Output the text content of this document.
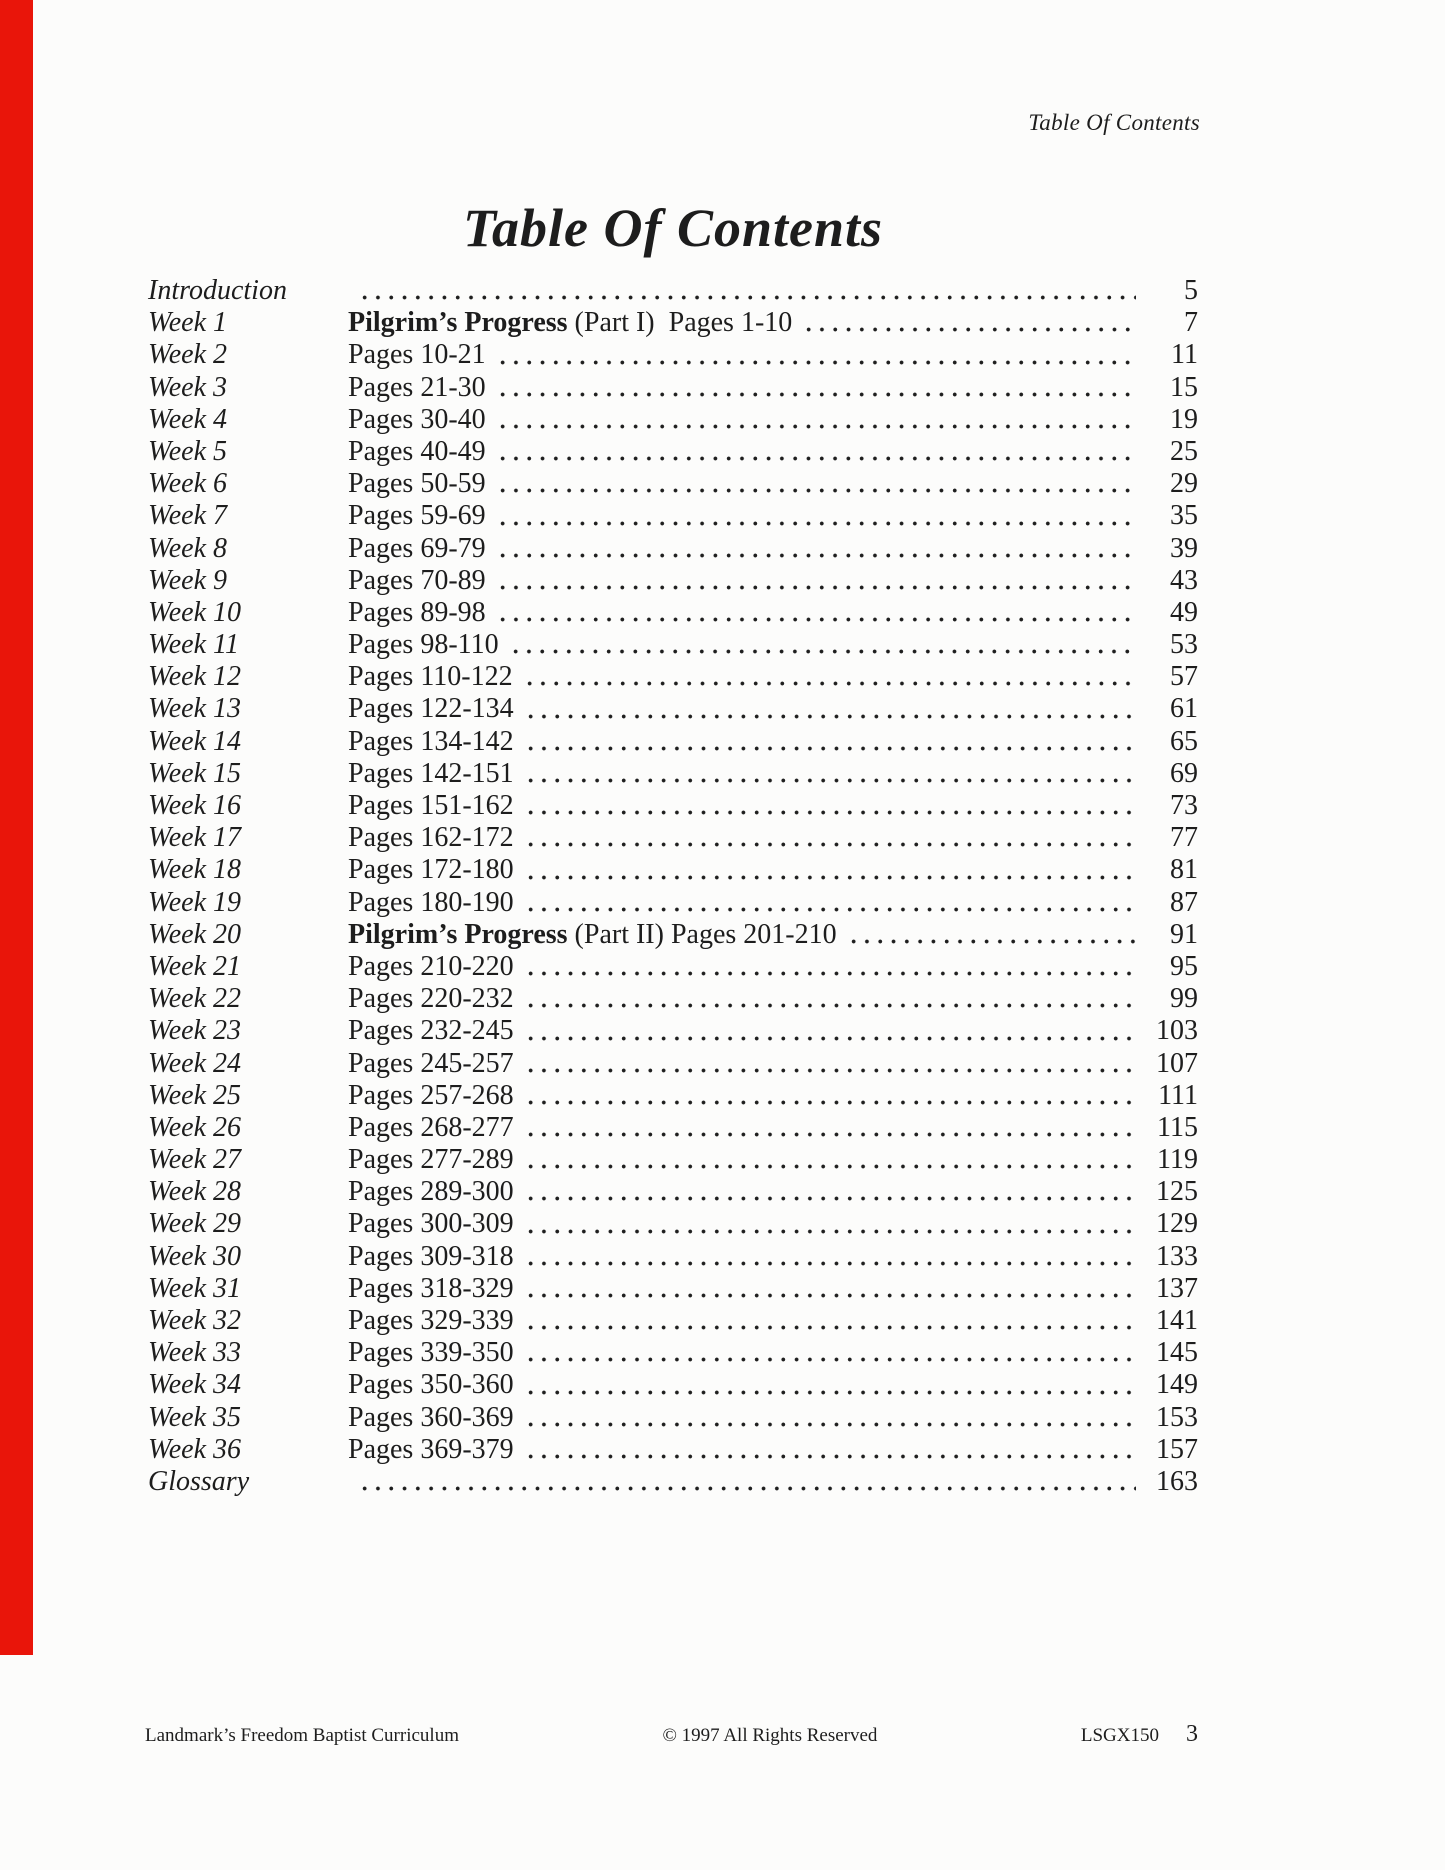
Table Of Contents
Table Of Contents
Introduction	5
Week 1	Pilgrim’s Progress (Part I)  Pages 1-10	7
Week 2	Pages 10-21	11
Week 3	Pages 21-30	15
Week 4	Pages 30-40	19
Week 5	Pages 40-49	25
Week 6	Pages 50-59	29
Week 7	Pages 59-69	35
Week 8	Pages 69-79	39
Week 9	Pages 70-89	43
Week 10	Pages 89-98	49
Week 11	Pages 98-110	53
Week 12	Pages 110-122	57
Week 13	Pages 122-134	61
Week 14	Pages 134-142	65
Week 15	Pages 142-151	69
Week 16	Pages 151-162	73
Week 17	Pages 162-172	77
Week 18	Pages 172-180	81
Week 19	Pages 180-190	87
Week 20	Pilgrim’s Progress (Part II) Pages 201-210	91
Week 21	Pages 210-220	95
Week 22	Pages 220-232	99
Week 23	Pages 232-245	103
Week 24	Pages 245-257	107
Week 25	Pages 257-268	111
Week 26	Pages 268-277	115
Week 27	Pages 277-289	119
Week 28	Pages 289-300	125
Week 29	Pages 300-309	129
Week 30	Pages 309-318	133
Week 31	Pages 318-329	137
Week 32	Pages 329-339	141
Week 33	Pages 339-350	145
Week 34	Pages 350-360	149
Week 35	Pages 360-369	153
Week 36	Pages 369-379	157
Glossary	163
Landmark’s Freedom Baptist Curriculum	© 1997 All Rights Reserved	LSGX150 3
